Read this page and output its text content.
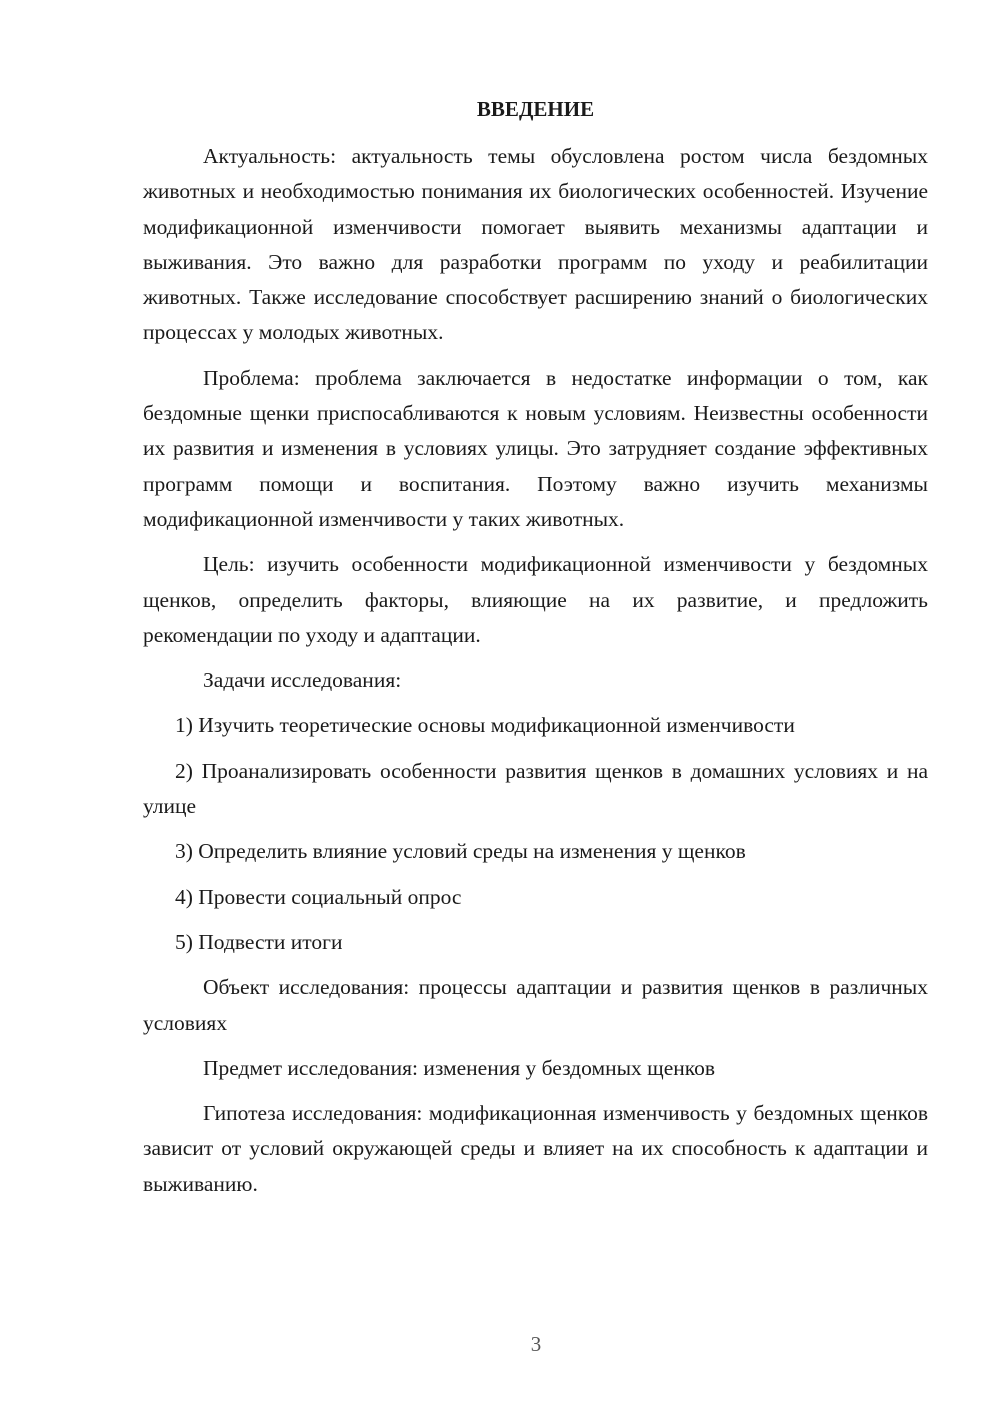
ВВЕДЕНИЕ

Актуальность: актуальность темы обусловлена ростом числа бездомных животных и необходимостью понимания их биологических особенностей. Изучение модификационной изменчивости помогает выявить механизмы адаптации и выживания. Это важно для разработки программ по уходу и реабилитации животных. Также исследование способствует расширению знаний о биологических процессах у молодых животных.

Проблема: проблема заключается в недостатке информации о том, как бездомные щенки приспосабливаются к новым условиям. Неизвестны особенности их развития и изменения в условиях улицы. Это затрудняет создание эффективных программ помощи и воспитания. Поэтому важно изучить механизмы модификационной изменчивости у таких животных.

Цель: изучить особенности модификационной изменчивости у бездомных щенков, определить факторы, влияющие на их развитие, и предложить рекомендации по уходу и адаптации.

Задачи исследования:

1) Изучить теоретические основы модификационной изменчивости

2) Проанализировать особенности развития щенков в домашних условиях и на улице

3) Определить влияние условий среды на изменения у щенков

4) Провести социальный опрос

5) Подвести итоги

Объект исследования: процессы адаптации и развития щенков в различных условиях

Предмет исследования: изменения у бездомных щенков

Гипотеза исследования: модификационная изменчивость у бездомных щенков зависит от условий окружающей среды и влияет на их способность к адаптации и выживанию.

3
